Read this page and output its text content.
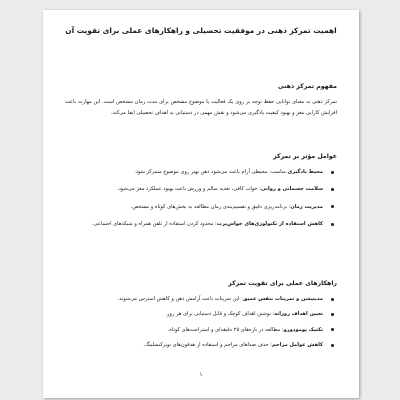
اهمیت تمرکز ذهنی در موفقیت تحصیلی و راهکارهای عملی برای تقویت آن
مفهوم تمرکز ذهنی

تمرکز ذهنی به معنای توانایی حفظ توجه بر روی یک فعالیت یا موضوع مشخص برای مدت زمان مشخص است. این مهارت باعث افزایش کارایی مغز و بهبود کیفیت یادگیری می‌شود و نقش مهمی در دستیابی به اهداف تحصیلی ایفا می‌کند.

عوامل مؤثر بر تمرکز
محیط یادگیری مناسب: محیطی آرام باعث می‌شود ذهن بهتر روی موضوع متمرکز شود.
سلامت جسمانی و روانی: خواب کافی، تغذیه سالم و ورزش باعث بهبود عملکرد مغز می‌شود.
مدیریت زمان: برنامه‌ریزی دقیق و تقسیم‌بندی زمان مطالعه به بخش‌های کوتاه و مشخص.
کاهش استفاده از تکنولوژی‌های حواس‌پرت: محدود کردن استفاده از تلفن همراه و شبکه‌های اجتماعی.
راهکارهای عملی برای تقویت تمرکز
مدیتیشن و تمرینات تنفس عمیق: این تمرینات باعث آرامش ذهن و کاهش استرس می‌شوند.
تعیین اهداف روزانه: نوشتن اهداف کوچک و قابل دستیابی برای هر روز.
تکنیک پومودورو: مطالعه در بازه‌های ۲۵ دقیقه‌ای و استراحت‌های کوتاه.
کاهش عوامل مزاحم: حذف صداهای مزاحم و استفاده از هدفون‌های نویزکنسلینگ.
۱
